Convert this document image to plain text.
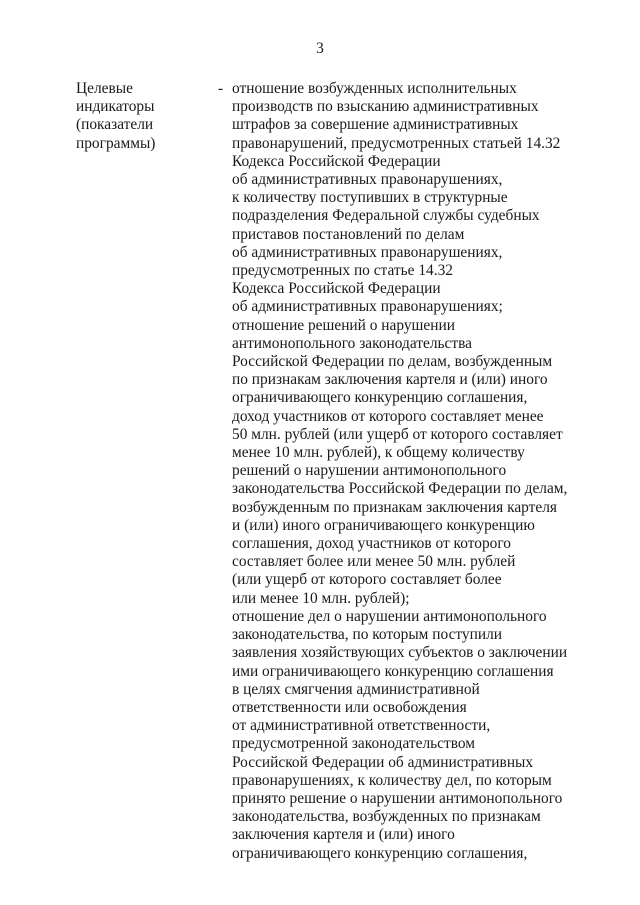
3
Целевые
индикаторы
(показатели
программы)
- отношение возбужденных исполнительных
производств по взысканию административных
штрафов за совершение административных
правонарушений, предусмотренных статьей 14.32
Кодекса Российской Федерации
об административных правонарушениях,
к количеству поступивших в структурные
подразделения Федеральной службы судебных
приставов постановлений по делам
об административных правонарушениях,
предусмотренных по статье 14.32
Кодекса Российской Федерации
об административных правонарушениях;
отношение решений о нарушении
антимонопольного законодательства
Российской Федерации по делам, возбужденным
по признакам заключения картеля и (или) иного
ограничивающего конкуренцию соглашения,
доход участников от которого составляет менее
50 млн. рублей (или ущерб от которого составляет
менее 10 млн. рублей), к общему количеству
решений о нарушении антимонопольного
законодательства Российской Федерации по делам,
возбужденным по признакам заключения картеля
и (или) иного ограничивающего конкуренцию
соглашения, доход участников от которого
составляет более или менее 50 млн. рублей
(или ущерб от которого составляет более
или менее 10 млн. рублей);
отношение дел о нарушении антимонопольного
законодательства, по которым поступили
заявления хозяйствующих субъектов о заключении
ими ограничивающего конкуренцию соглашения
в целях смягчения административной
ответственности или освобождения
от административной ответственности,
предусмотренной законодательством
Российской Федерации об административных
правонарушениях, к количеству дел, по которым
принято решение о нарушении антимонопольного
законодательства, возбужденных по признакам
заключения картеля и (или) иного
ограничивающего конкуренцию соглашения,
